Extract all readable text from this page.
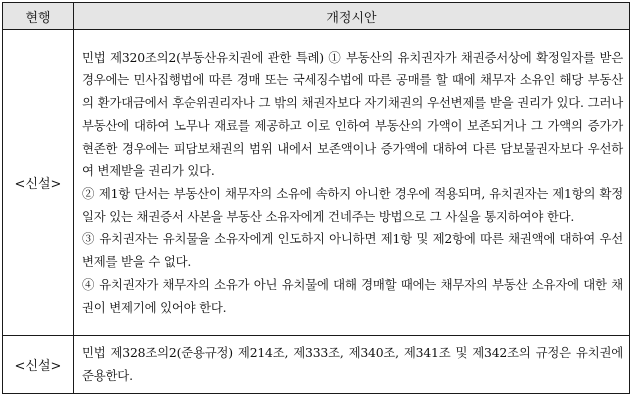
현행	개정시안
<신설>	민법 제320조의2(부동산유치권에 관한 특례) ① 부동산의 유치권자가 채권증서상에 확정일자를 받은 경우에는 민사집행법에 따른 경매 또는 국세징수법에 따른 공매를 할 때에 채무자 소유인 해당 부동산의 환가대금에서 후순위권리자나 그 밖의 채권자보다 자기채권의 우선변제를 받을 권리가 있다. 그러나 부동산에 대하여 노무나 재료를 제공하고 이로 인하여 부동산의 가액이 보존되거나 그 가액의 증가가 현존한 경우에는 피담보채권의 범위 내에서 보존액이나 증가액에 대하여 다른 담보물권자보다 우선하여 변제받을 권리가 있다.

② 제1항 단서는 부동산이 채무자의 소유에 속하지 아니한 경우에 적용되며, 유치권자는 제1항의 확정일자 있는 채권증서 사본을 부동산 소유자에게 건네주는 방법으로 그 사실을 통지하여야 한다.

③ 유치권자는 유치물을 소유자에게 인도하지 아니하면 제1항 및 제2항에 따른 채권액에 대하여 우선변제를 받을 수 없다.

④ 유치권자가 채무자의 소유가 아닌 유치물에 대해 경매할 때에는 채무자의 부동산 소유자에 대한 채권이 변제기에 있어야 한다.

<신설>	민법 제328조의2(준용규정) 제214조, 제333조, 제340조, 제341조 및 제342조의 규정은 유치권에 준용한다.
